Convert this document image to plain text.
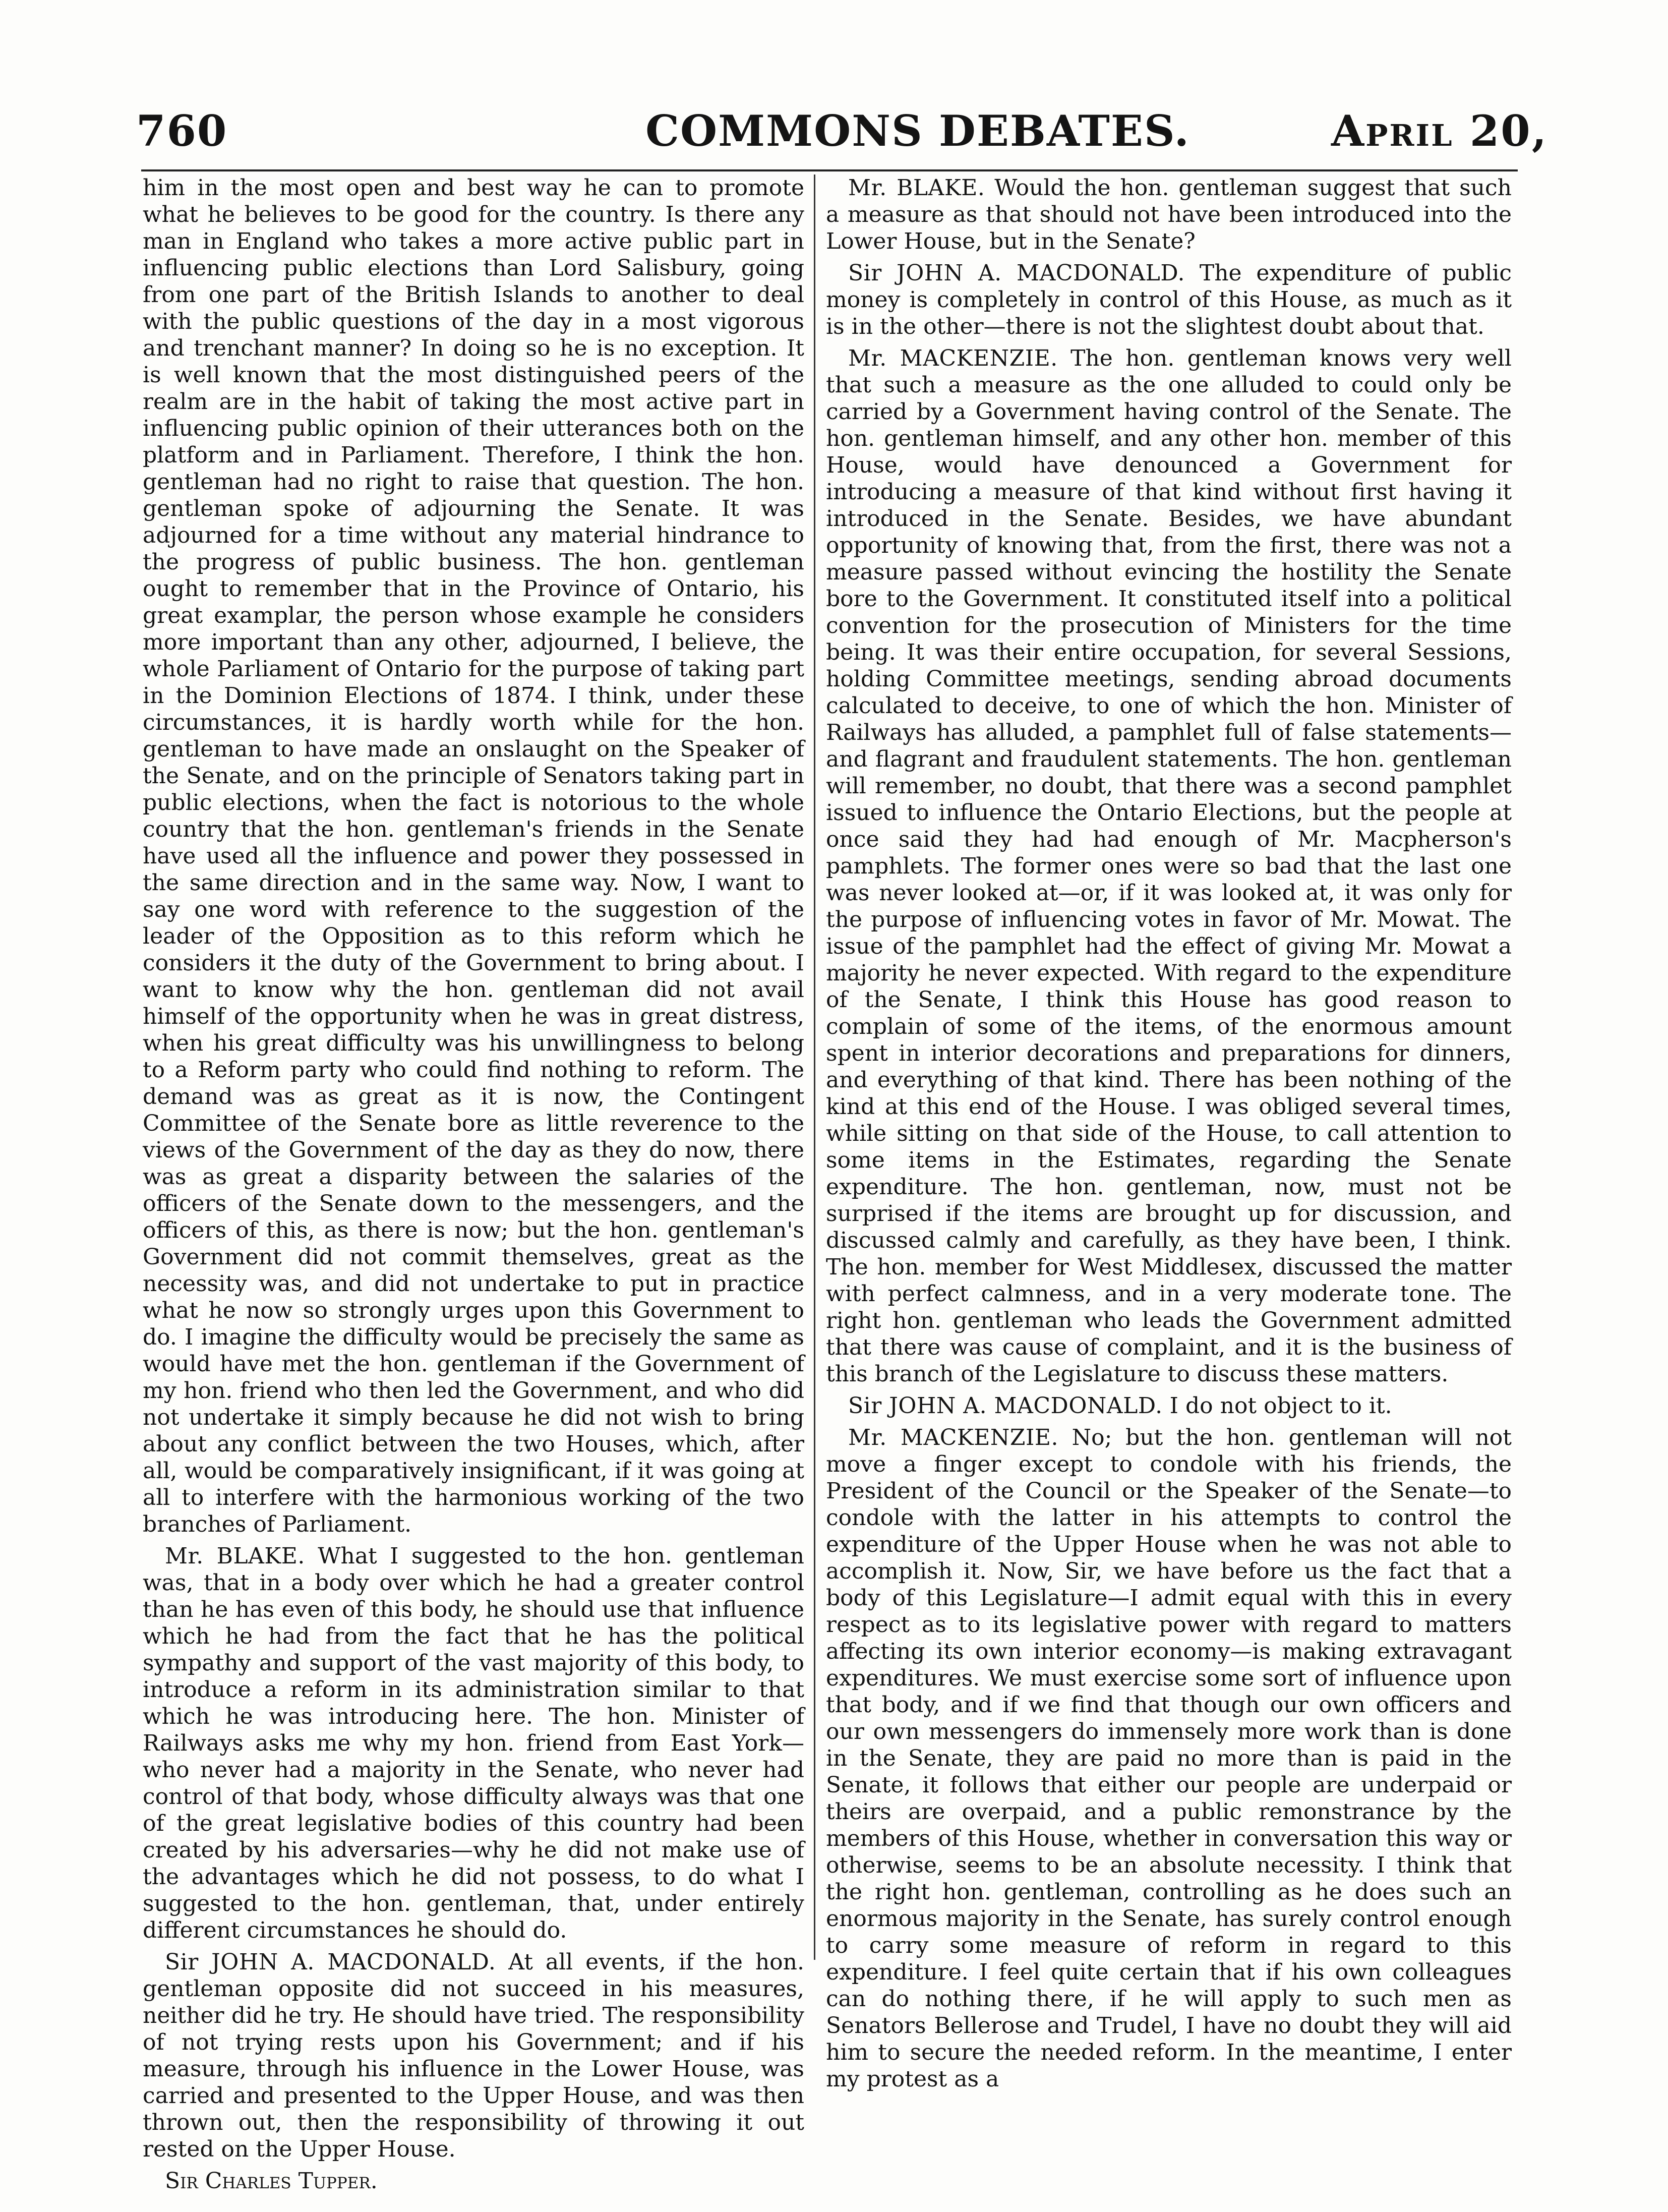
760	COMMONS DEBATES.	April 20,

him in the most open and best way he can to promote what he believes to be good for the country. Is there any man in England who takes a more active public part in influencing public elections than Lord Salisbury, going from one part of the British Islands to another to deal with the public questions of the day in a most vigorous and trenchant manner? In doing so he is no exception. It is well known that the most distinguished peers of the realm are in the habit of taking the most active part in influencing public opinion of their utterances both on the platform and in Parliament. Therefore, I think the hon. gentleman had no right to raise that question. The hon. gentleman spoke of adjourning the Senate. It was adjourned for a time without any material hindrance to the progress of public business. The hon. gentleman ought to remember that in the Province of Ontario, his great examplar, the person whose example he considers more important than any other, adjourned, I believe, the whole Parliament of Ontario for the purpose of taking part in the Dominion Elections of 1874. I think, under these circumstances, it is hardly worth while for the hon. gentleman to have made an onslaught on the Speaker of the Senate, and on the principle of Senators taking part in public elections, when the fact is notorious to the whole country that the hon. gentleman's friends in the Senate have used all the influence and power they possessed in the same direction and in the same way. Now, I want to say one word with reference to the suggestion of the leader of the Opposition as to this reform which he considers it the duty of the Government to bring about. I want to know why the hon. gentleman did not avail himself of the opportunity when he was in great distress, when his great difficulty was his unwillingness to belong to a Reform party who could find nothing to reform. The demand was as great as it is now, the Contingent Committee of the Senate bore as little reverence to the views of the Government of the day as they do now, there was as great a disparity between the salaries of the officers of the Senate down to the messengers, and the officers of this, as there is now; but the hon. gentleman's Government did not commit themselves, great as the necessity was, and did not undertake to put in practice what he now so strongly urges upon this Government to do. I imagine the difficulty would be precisely the same as would have met the hon. gentleman if the Government of my hon. friend who then led the Government, and who did not undertake it simply because he did not wish to bring about any conflict between the two Houses, which, after all, would be comparatively insignificant, if it was going at all to interfere with the harmonious working of the two branches of Parliament.

Mr. BLAKE. What I suggested to the hon. gentleman was, that in a body over which he had a greater control than he has even of this body, he should use that influence which he had from the fact that he has the political sympathy and support of the vast majority of this body, to introduce a reform in its administration similar to that which he was introducing here. The hon. Minister of Railways asks me why my hon. friend from East York—who never had a majority in the Senate, who never had control of that body, whose difficulty always was that one of the great legislative bodies of this country had been created by his adversaries—why he did not make use of the advantages which he did not possess, to do what I suggested to the hon. gentleman, that, under entirely different circumstances he should do.

Sir JOHN A. MACDONALD. At all events, if the hon. gentleman opposite did not succeed in his measures, neither did he try. He should have tried. The responsibility of not trying rests upon his Government; and if his measure, through his influence in the Lower House, was carried and presented to the Upper House, and was then thrown out, then the responsibility of throwing it out rested on the Upper House.

Sir Charles Tupper.

Mr. BLAKE. Would the hon. gentleman suggest that such a measure as that should not have been introduced into the Lower House, but in the Senate?

Sir JOHN A. MACDONALD. The expenditure of public money is completely in control of this House, as much as it is in the other—there is not the slightest doubt about that.

Mr. MACKENZIE. The hon. gentleman knows very well that such a measure as the one alluded to could only be carried by a Government having control of the Senate. The hon. gentleman himself, and any other hon. member of this House, would have denounced a Government for introducing a measure of that kind without first having it introduced in the Senate. Besides, we have abundant opportunity of knowing that, from the first, there was not a measure passed without evincing the hostility the Senate bore to the Government. It constituted itself into a political convention for the prosecution of Ministers for the time being. It was their entire occupation, for several Sessions, holding Committee meetings, sending abroad documents calculated to deceive, to one of which the hon. Minister of Railways has alluded, a pamphlet full of false statements—and flagrant and fraudulent statements. The hon. gentleman will remember, no doubt, that there was a second pamphlet issued to influence the Ontario Elections, but the people at once said they had had enough of Mr. Macpherson's pamphlets. The former ones were so bad that the last one was never looked at—or, if it was looked at, it was only for the purpose of influencing votes in favor of Mr. Mowat. The issue of the pamphlet had the effect of giving Mr. Mowat a majority he never expected. With regard to the expenditure of the Senate, I think this House has good reason to complain of some of the items, of the enormous amount spent in interior decorations and preparations for dinners, and everything of that kind. There has been nothing of the kind at this end of the House. I was obliged several times, while sitting on that side of the House, to call attention to some items in the Estimates, regarding the Senate expenditure. The hon. gentleman, now, must not be surprised if the items are brought up for discussion, and discussed calmly and carefully, as they have been, I think. The hon. member for West Middlesex, discussed the matter with perfect calmness, and in a very moderate tone. The right hon. gentleman who leads the Government admitted that there was cause of complaint, and it is the business of this branch of the Legislature to discuss these matters.

Sir JOHN A. MACDONALD. I do not object to it.

Mr. MACKENZIE. No; but the hon. gentleman will not move a finger except to condole with his friends, the President of the Council or the Speaker of the Senate—to condole with the latter in his attempts to control the expenditure of the Upper House when he was not able to accomplish it. Now, Sir, we have before us the fact that a body of this Legislature—I admit equal with this in every respect as to its legislative power with regard to matters affecting its own interior economy—is making extravagant expenditures. We must exercise some sort of influence upon that body, and if we find that though our own officers and our own messengers do immensely more work than is done in the Senate, they are paid no more than is paid in the Senate, it follows that either our people are underpaid or theirs are overpaid, and a public remonstrance by the members of this House, whether in conversation this way or otherwise, seems to be an absolute necessity. I think that the right hon. gentleman, controlling as he does such an enormous majority in the Senate, has surely control enough to carry some measure of reform in regard to this expenditure. I feel quite certain that if his own colleagues can do nothing there, if he will apply to such men as Senators Bellerose and Trudel, I have no doubt they will aid him to secure the needed reform. In the meantime, I enter my protest as a
